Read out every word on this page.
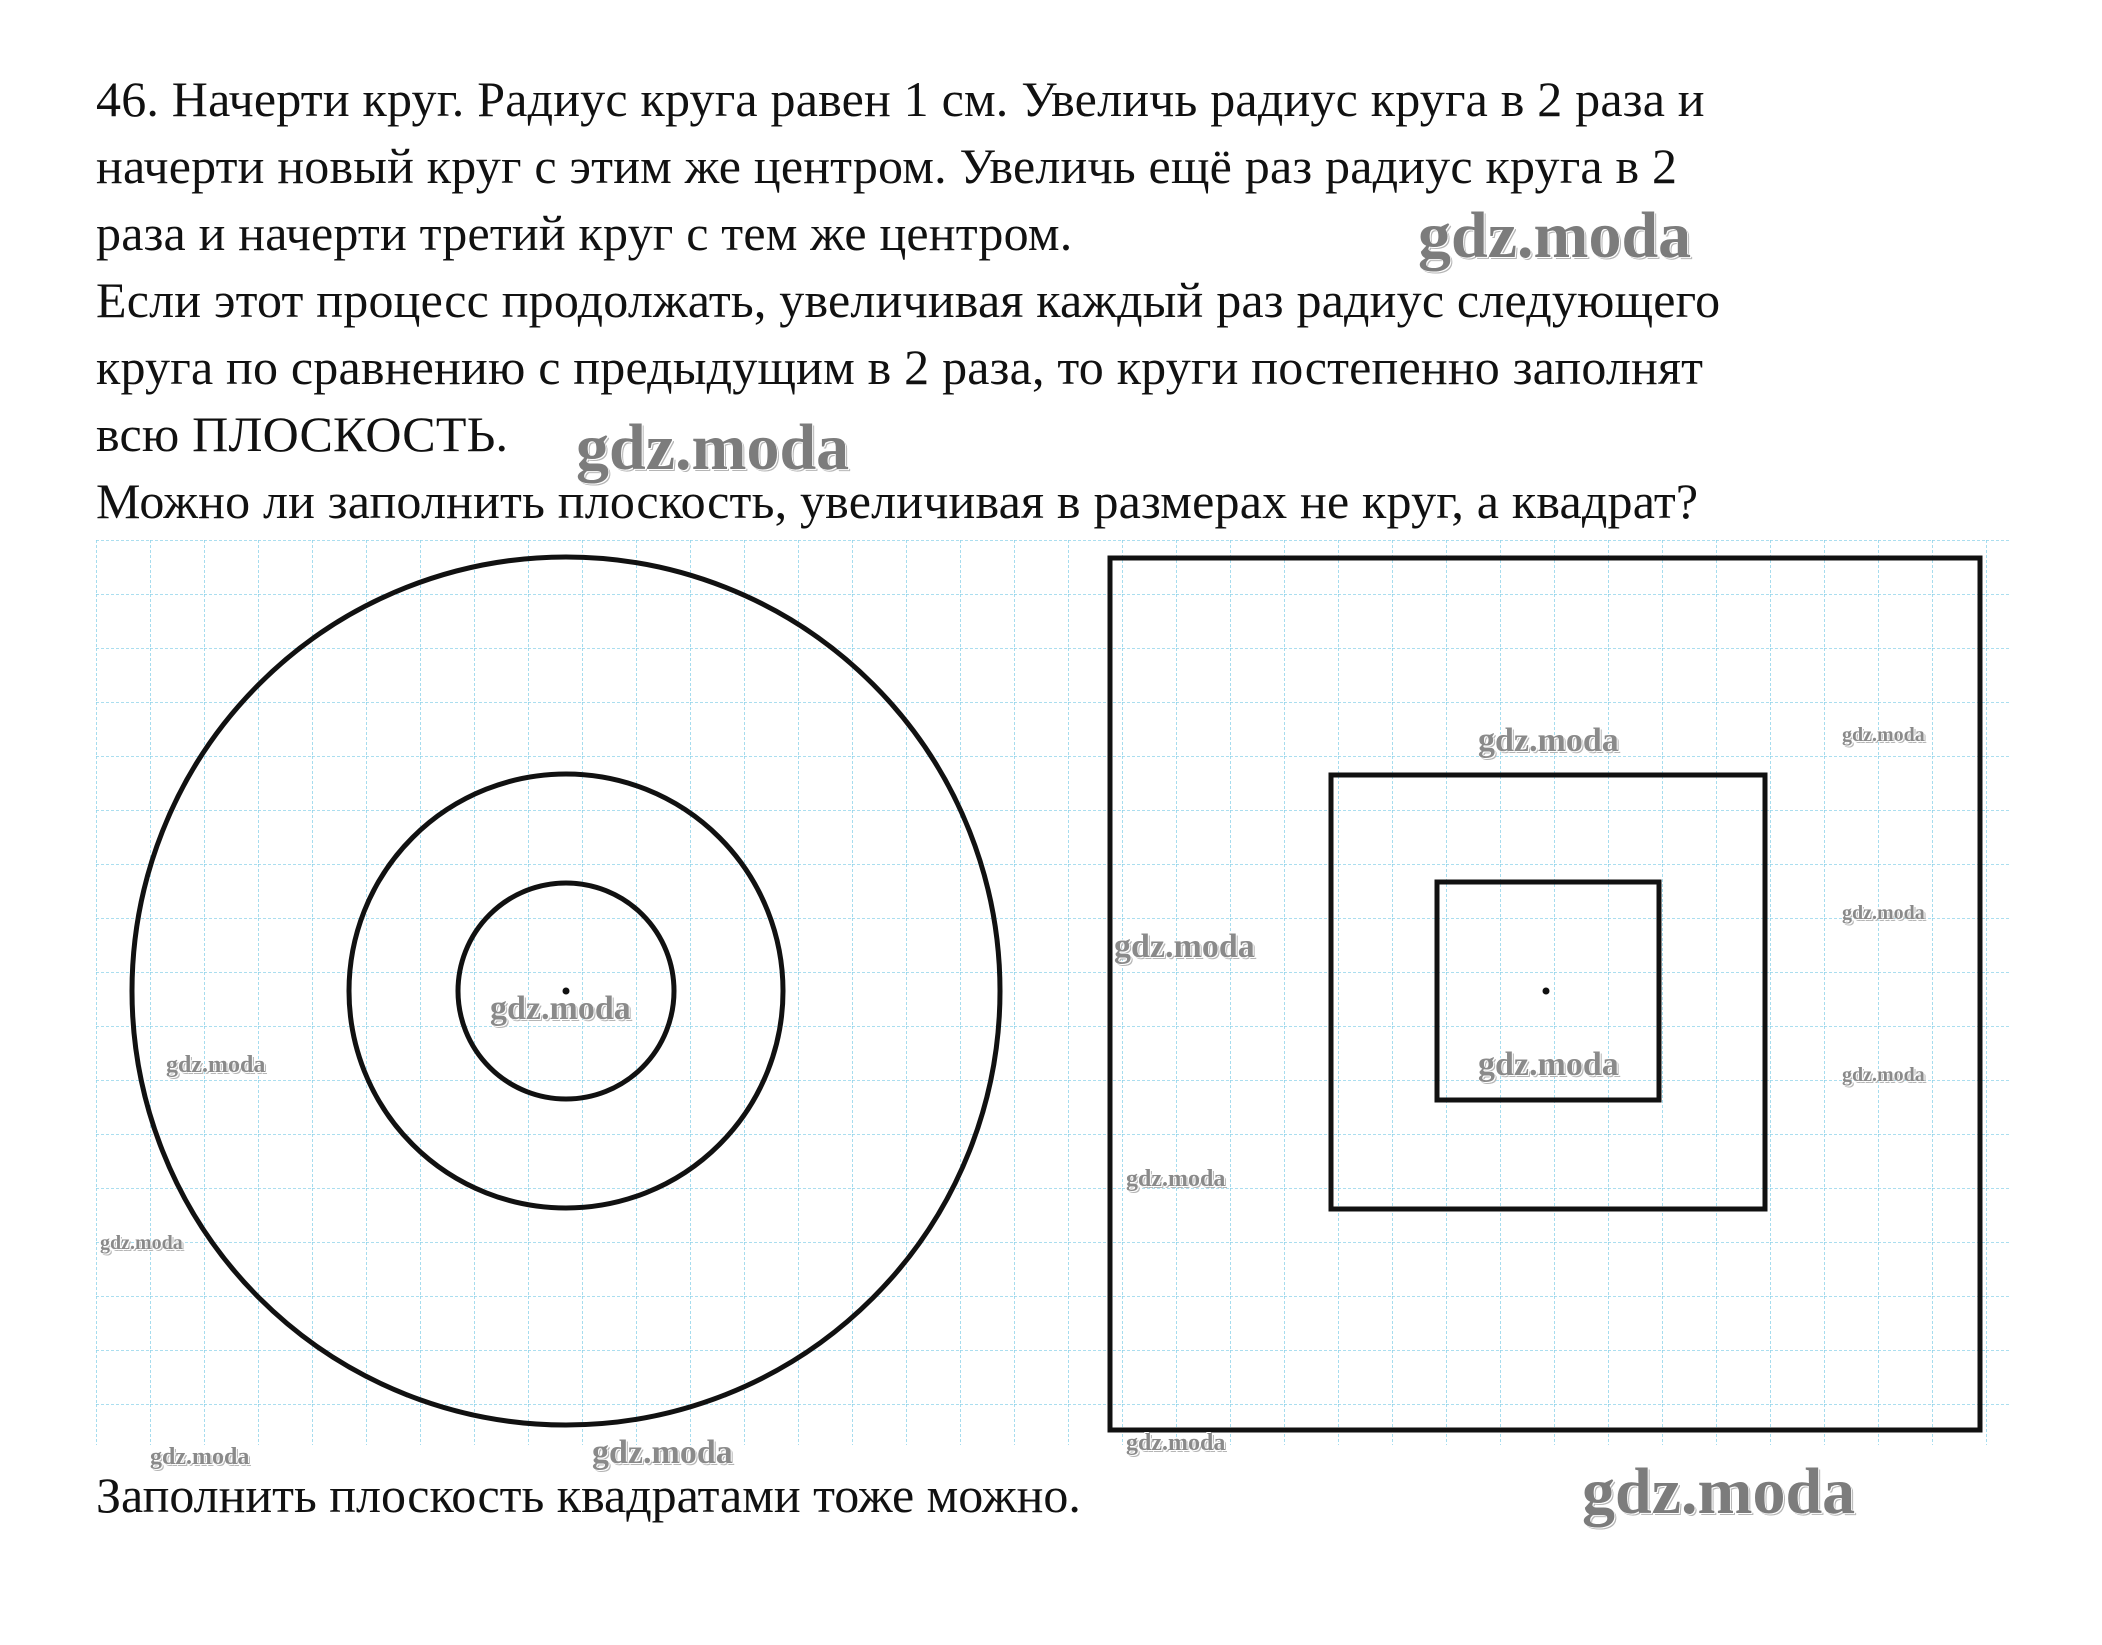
46. Начерти круг. Радиус круга равен 1 см. Увеличь радиус круга в 2 раза и
начерти новый круг с этим же центром. Увеличь ещё раз радиус круга в 2
раза и начерти третий круг с тем же центром.
Если этот процесс продолжать, увеличивая каждый раз радиус следующего
круга по сравнению с предыдущим в 2 раза, то круги постепенно заполнят
всю ПЛОСКОСТЬ.
Можно ли заполнить плоскость, увеличивая в размерах не круг, а квадрат?
Заполнить плоскость квадратами тоже можно.
gdz.moda
gdz.moda
gdz.moda	gdz.moda
gdz.moda
gdz.moda
gdz.moda
gdz.moda
gdz.moda	gdz.moda
gdz.moda
gdz.moda
gdz.moda
gdz.moda	gdz.moda
gdz.moda
